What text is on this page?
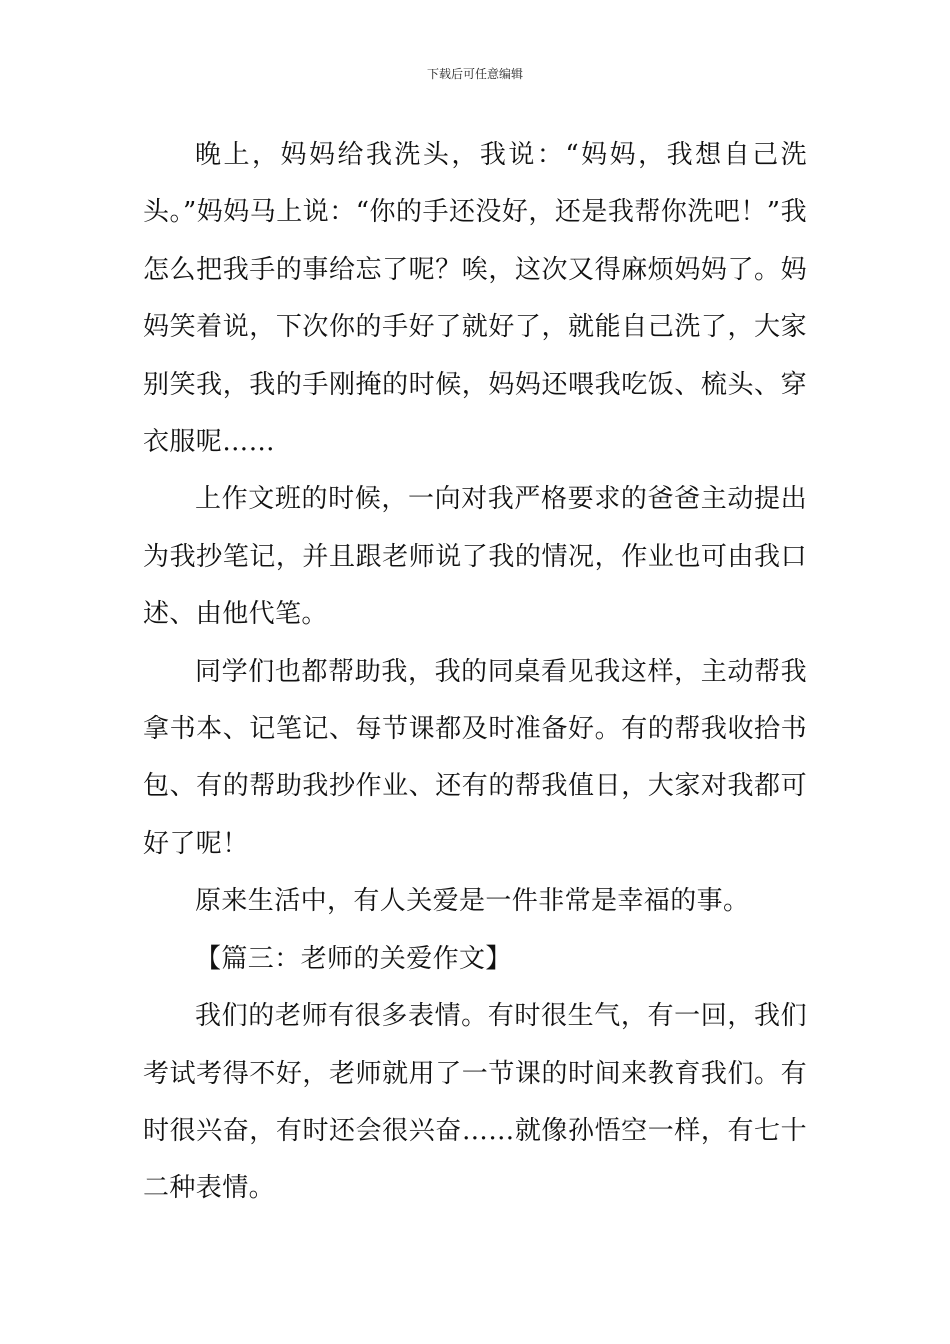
下载后可任意编辑

晚上，妈妈给我洗头，我说：“妈妈，我想自己洗头。”妈妈马上说：“你的手还没好，还是我帮你洗吧！”我怎么把我手的事给忘了呢？唉，这次又得麻烦妈妈了。妈妈笑着说，下次你的手好了就好了，就能自己洗了，大家别笑我，我的手刚掩的时候，妈妈还喂我吃饭、梳头、穿衣服呢……

上作文班的时候，一向对我严格要求的爸爸主动提出为我抄笔记，并且跟老师说了我的情况，作业也可由我口述、由他代笔。

同学们也都帮助我，我的同桌看见我这样，主动帮我拿书本、记笔记、每节课都及时准备好。有的帮我收拾书包、有的帮助我抄作业、还有的帮我值日，大家对我都可好了呢！

原来生活中，有人关爱是一件非常是幸福的事。

【篇三：老师的关爱作文】

我们的老师有很多表情。有时很生气，有一回，我们考试考得不好，老师就用了一节课的时间来教育我们。有时很兴奋，有时还会很兴奋……就像孙悟空一样，有七十二种表情。
